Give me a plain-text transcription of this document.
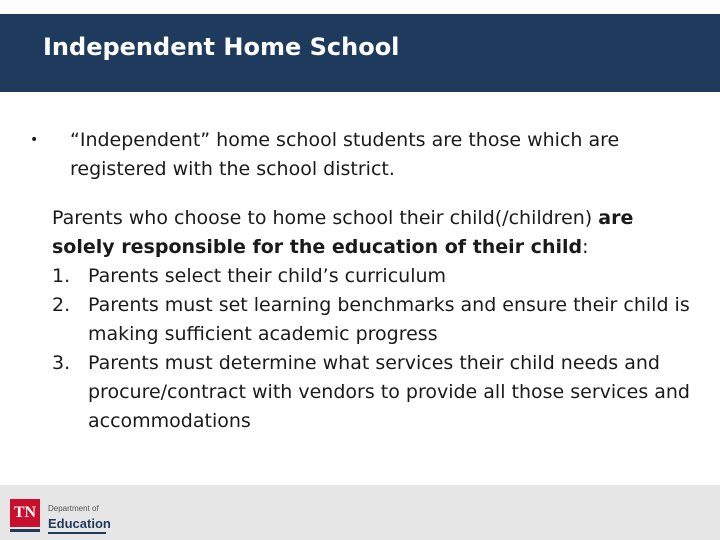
Independent Home School
•	“Independent” home school students are those which are registered with the school district.

Parents who choose to home school their child(/children) are solely responsible for the education of their child:

1. Parents select their child’s curriculum
2. Parents must set learning benchmarks and ensure their child is making sufficient academic progress
3. Parents must determine what services their child needs and procure/contract with vendors to provide all those services and accommodations
TN	Department of
Education
